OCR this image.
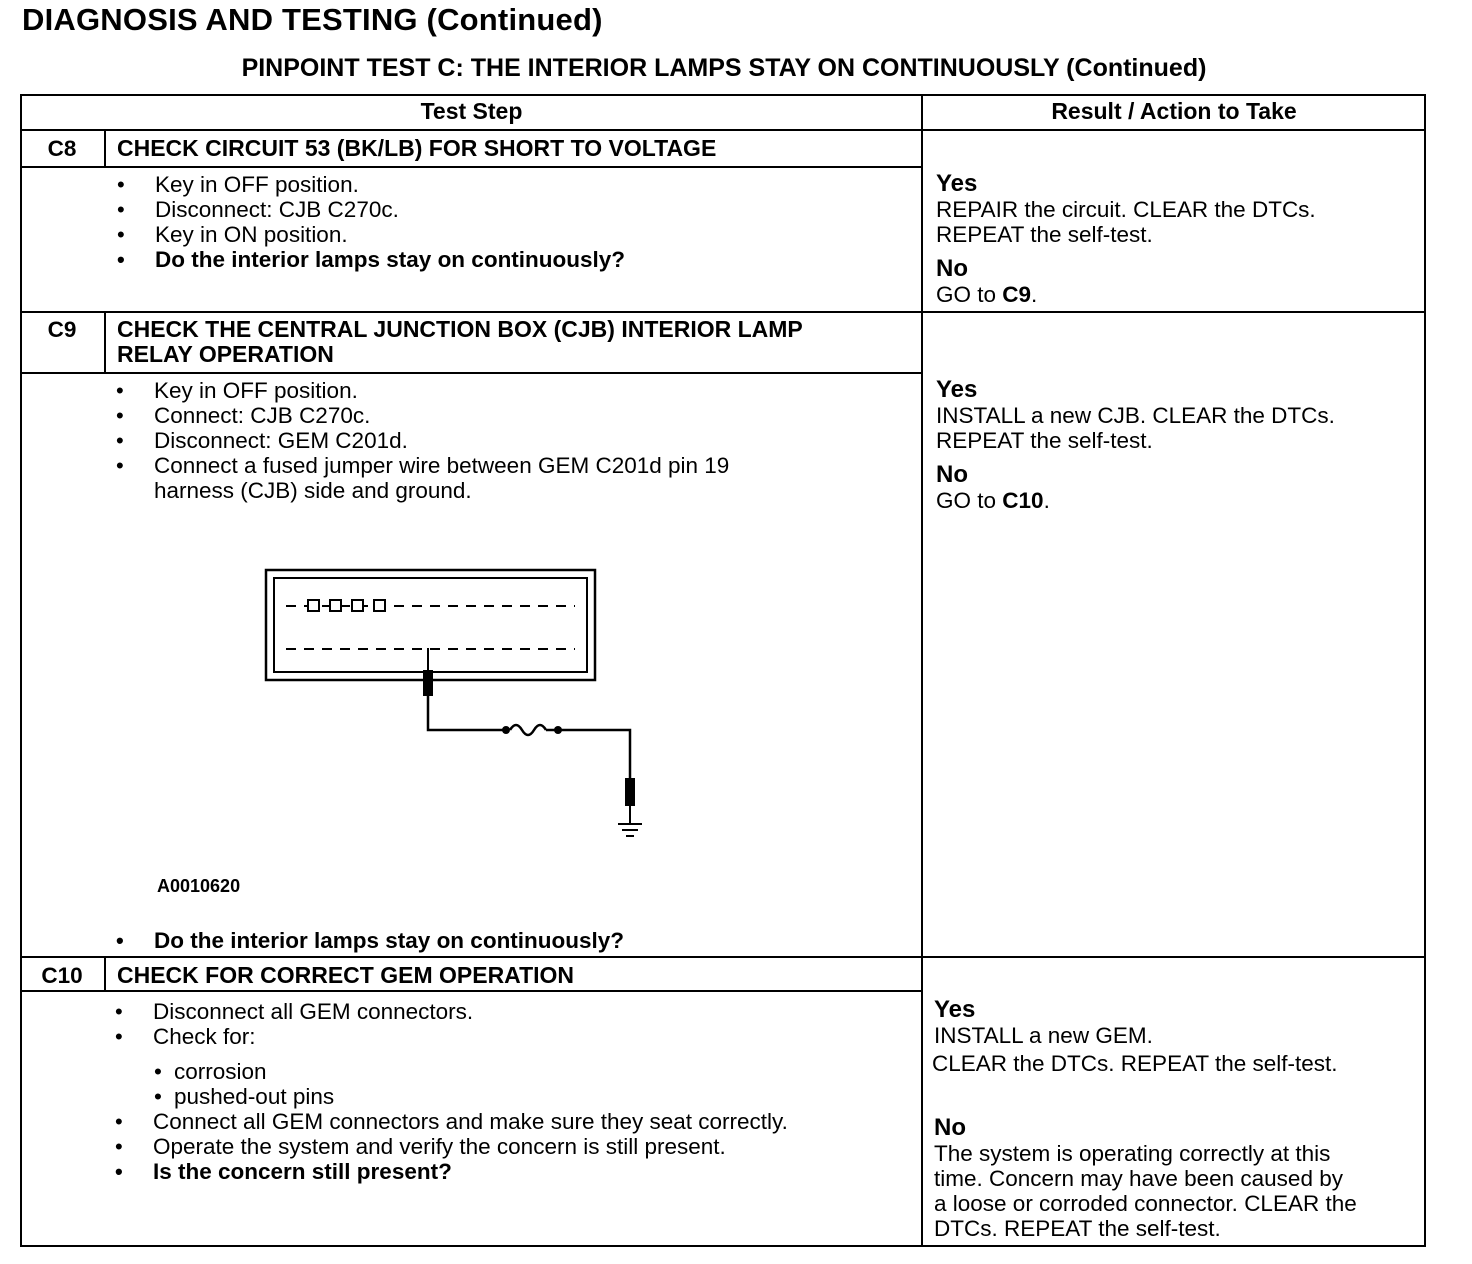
DIAGNOSIS AND TESTING (Continued)
PINPOINT TEST C: THE INTERIOR LAMPS STAY ON CONTINUOUSLY (Continued)
Test Step	Result / Action to Take
C8	CHECK CIRCUIT 53 (BK/LB) FOR SHORT TO VOLTAGE
• Key in OFF position.
• Disconnect: CJB C270c.
• Key in ON position.
• Do the interior lamps stay on continuously?
Yes
REPAIR the circuit. CLEAR the DTCs.
REPEAT the self-test.
No
GO to C9.
C9	CHECK THE CENTRAL JUNCTION BOX (CJB) INTERIOR LAMP
RELAY OPERATION
• Key in OFF position.
• Connect: CJB C270c.
• Disconnect: GEM C201d.
• Connect a fused jumper wire between GEM C201d pin 19
harness (CJB) side and ground.
A0010620
• Do the interior lamps stay on continuously?
Yes
INSTALL a new CJB. CLEAR the DTCs.
REPEAT the self-test.
No
GO to C10.
C10	CHECK FOR CORRECT GEM OPERATION
• Disconnect all GEM connectors.
• Check for:
• corrosion
• pushed-out pins
• Connect all GEM connectors and make sure they seat correctly.
• Operate the system and verify the concern is still present.
• Is the concern still present?
Yes
INSTALL a new GEM.
CLEAR the DTCs. REPEAT the self-test.
No
The system is operating correctly at this
time. Concern may have been caused by
a loose or corroded connector. CLEAR the
DTCs. REPEAT the self-test.
